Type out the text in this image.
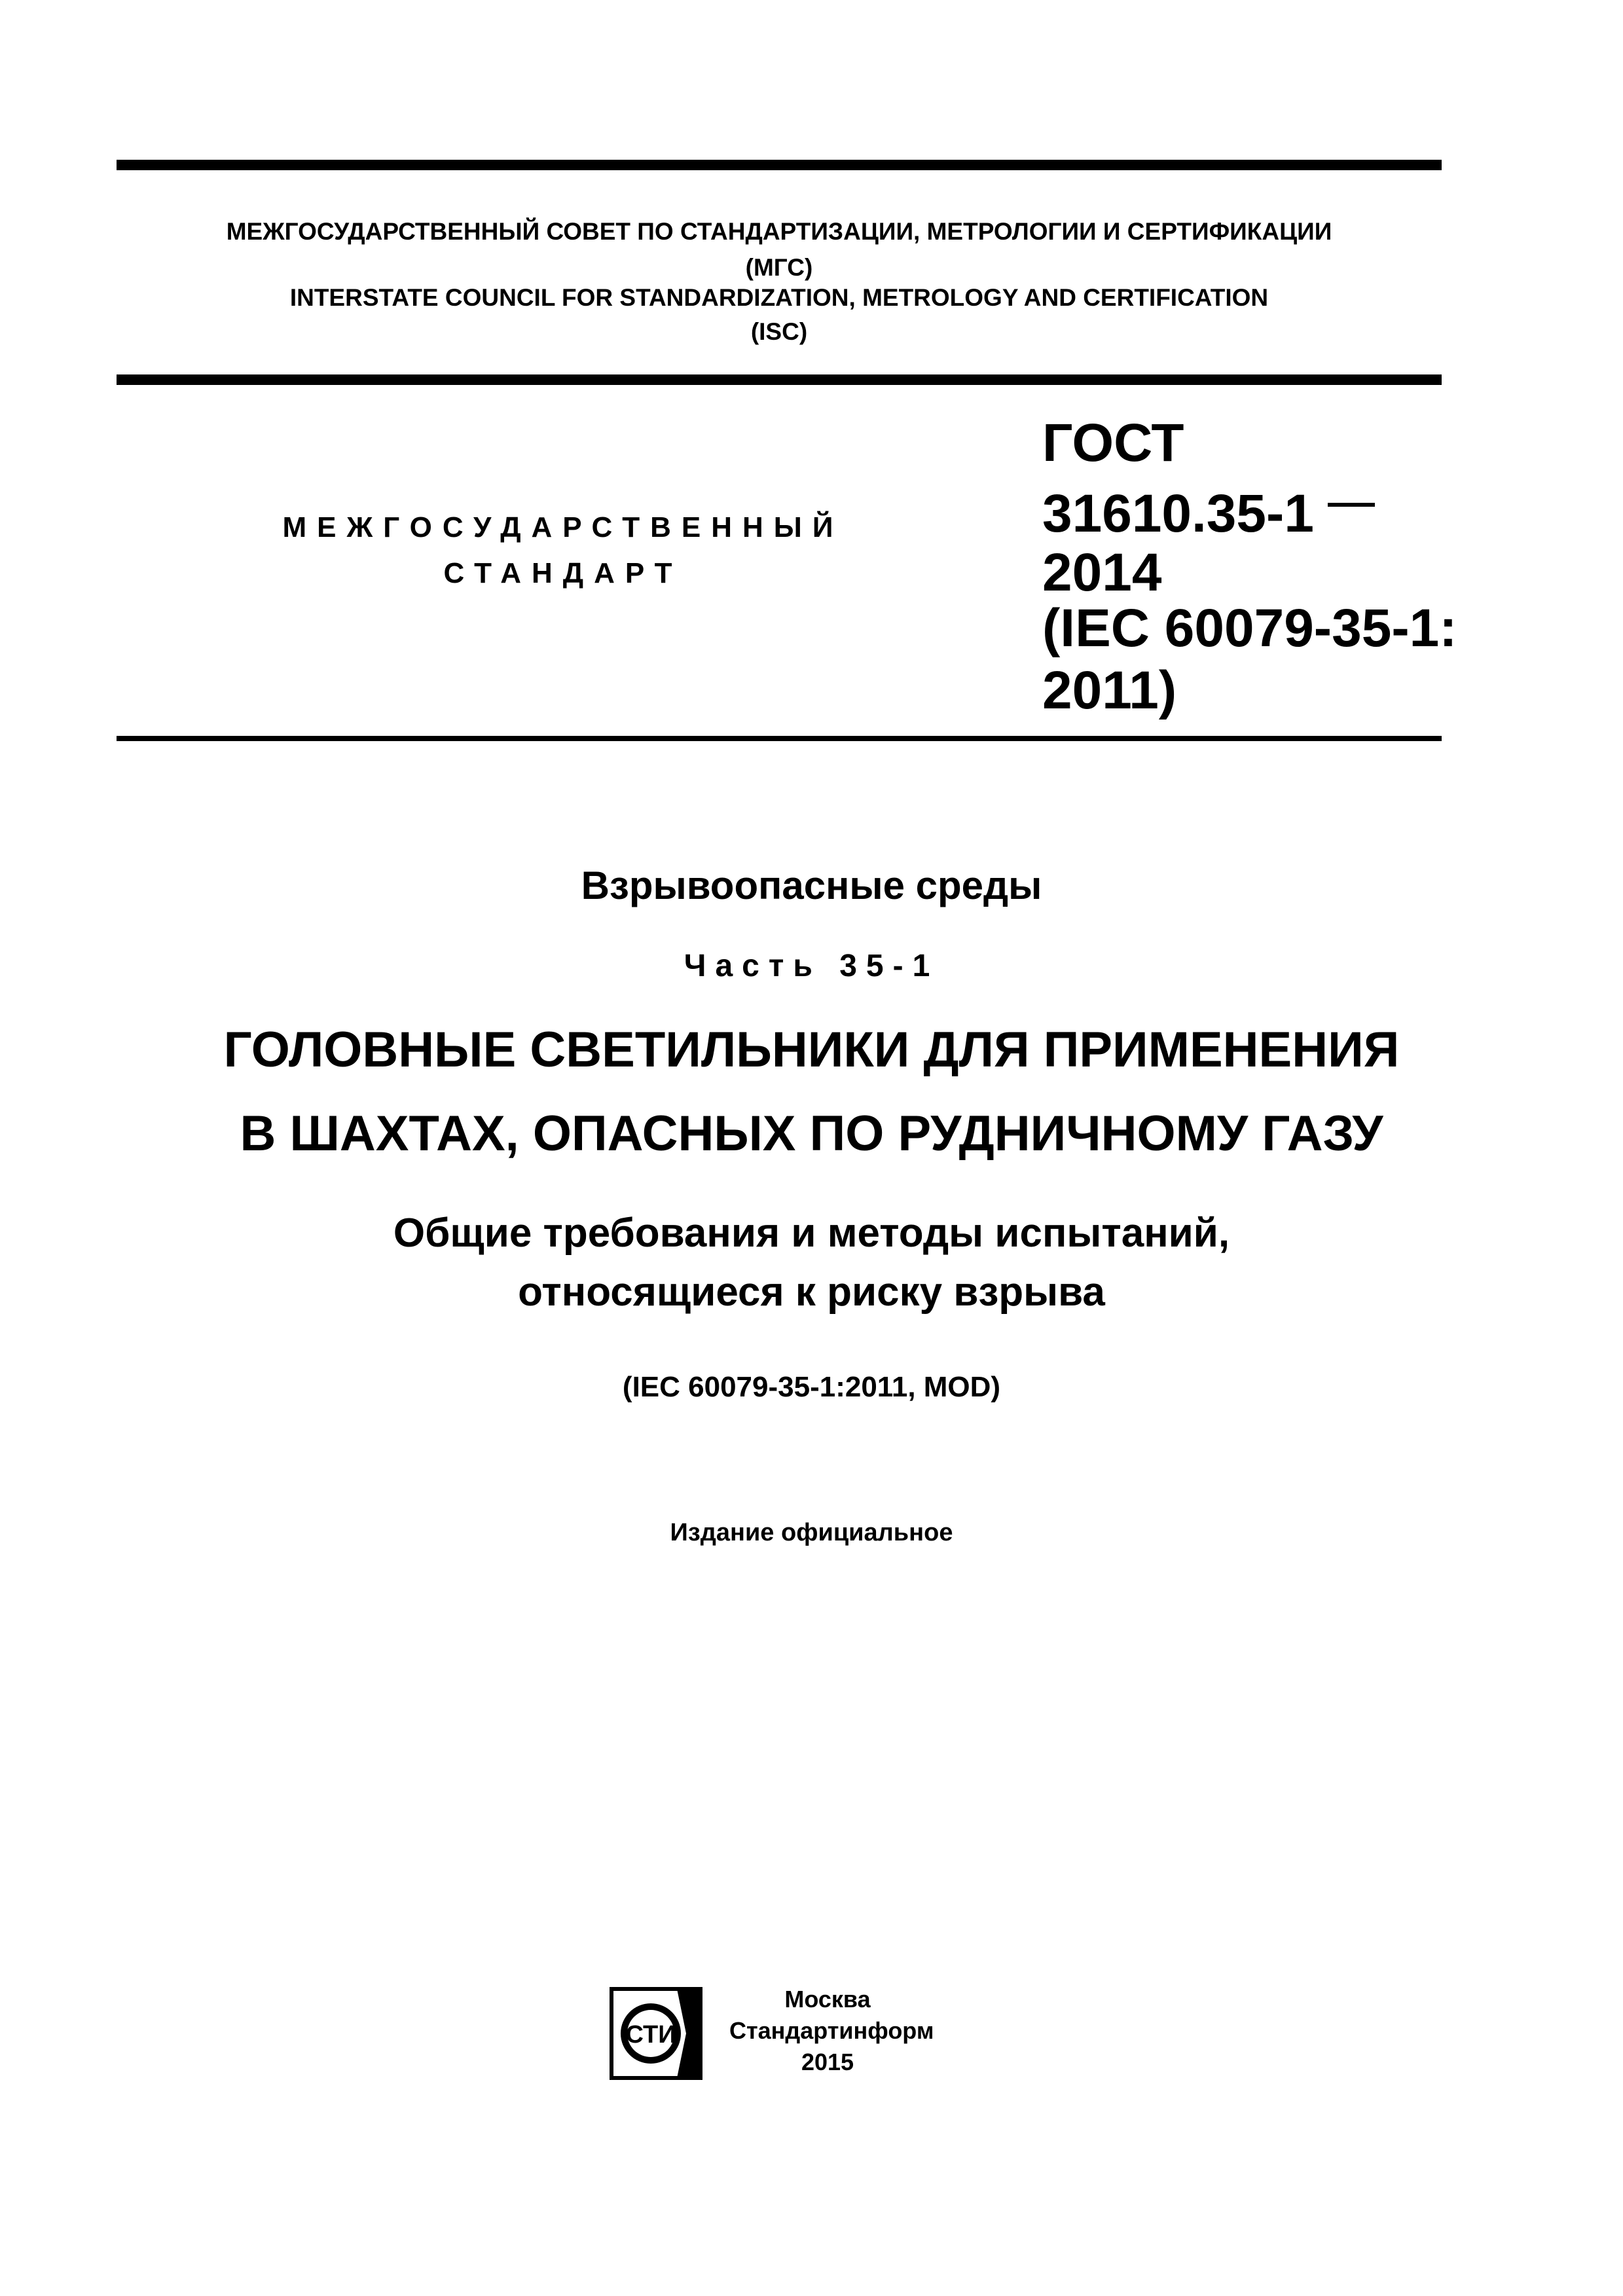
МЕЖГОСУДАРСТВЕННЫЙ СОВЕТ ПО СТАНДАРТИЗАЦИИ, МЕТРОЛОГИИ И СЕРТИФИКАЦИИ
(МГС)
INTERSTATE COUNCIL FOR STANDARDIZATION, METROLOGY AND CERTIFICATION
(ISC)
МЕЖГОСУДАРСТВЕННЫЙ
СТАНДАРТ
ГОСТ
31610.35-1
2014
(IEC 60079-35-1:
2011)
Взрывоопасные среды
Часть 35-1
ГОЛОВНЫЕ СВЕТИЛЬНИКИ ДЛЯ ПРИМЕНЕНИЯ
В ШАХТАХ, ОПАСНЫХ ПО РУДНИЧНОМУ ГАЗУ
Общие требования и методы испытаний,
относящиеся к риску взрыва
(IEC 60079-35-1:2011, MOD)
Издание официальное
СТИ
Москва
Стандартинформ
2015
